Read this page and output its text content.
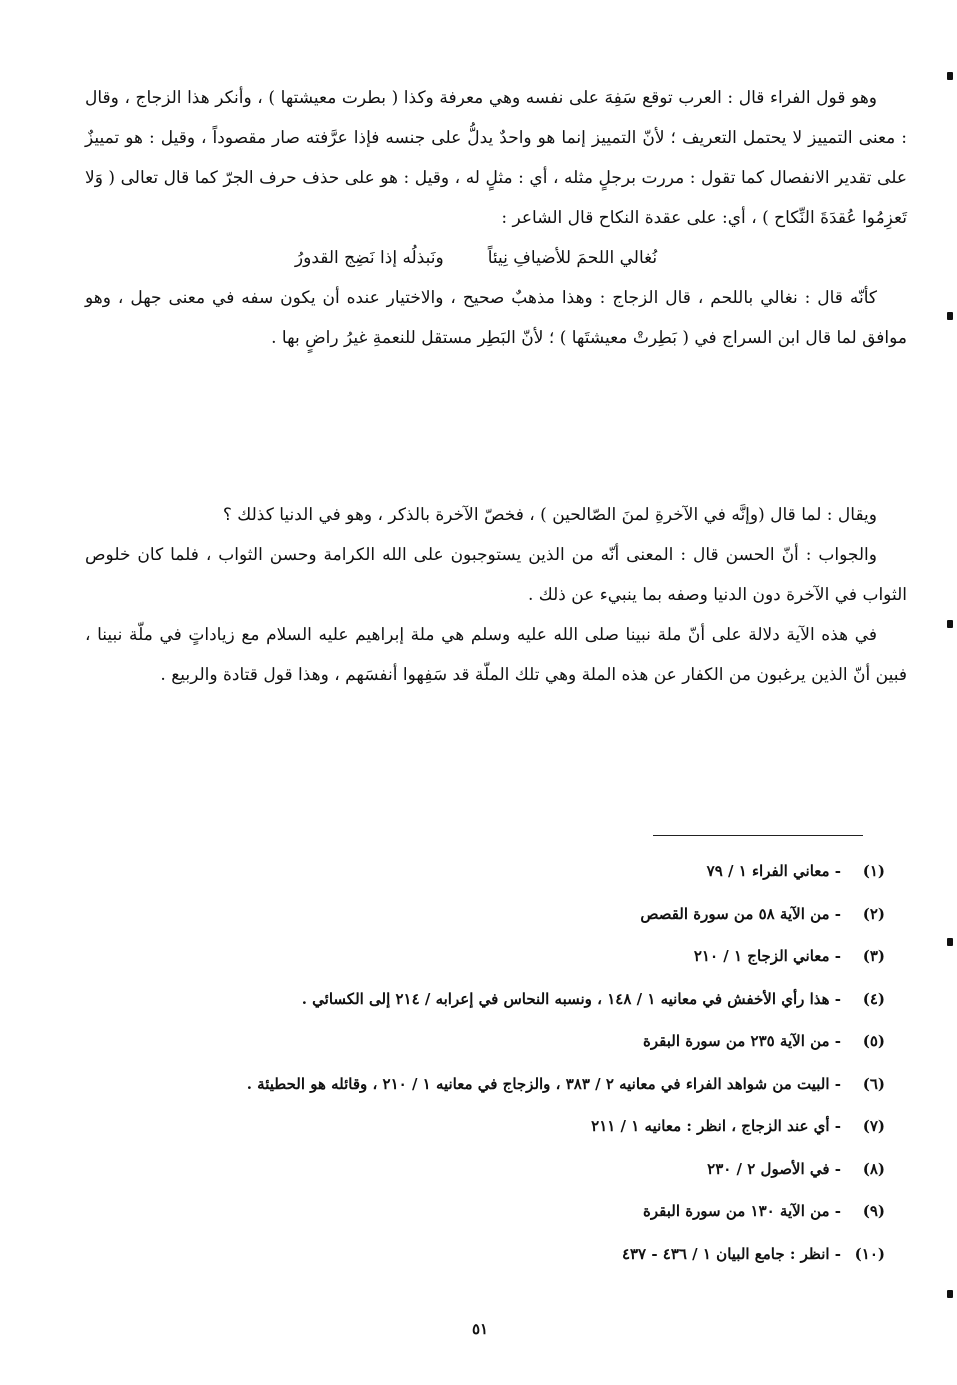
وهو قول الفراء قال : العرب توقع سَفِهَ على نفسه وهي معرفة وكذا ( بطرت معيشتها ) ، وأنكر هذا الزجاج ، وقال : معنى التمييز لا يحتمل التعريف ؛ لأنّ التمييز إنما هو واحدٌ يدلُّ على جنسه فإذا عرَّفته صار مقصوداً ، وقيل : هو تمييزٌ على تقدير الانفصال كما تقول : مررت برجلٍ مثله ، أي : مثلٍ له ، وقيل : هو على حذف حرف الجرّ كما قال تعالى ( وَلا تَعزِمُوا عُقدَةَ النِّكاح ) ، أي: على عقدة النكاح قال الشاعر :

نُغالي اللحمَ للأضيافِ نِيئاً
ونَبذلُه إذا نَضِج القدورُ

كأنّه قال : نغالي باللحم ، قال الزجاج : وهذا مذهبٌ صحيح ، والاختيار عنده أن يكون سفه في معنى جهل ، وهو موافق لما قال ابن السراج في ( بَطِرتْ معيشتَها ) ؛ لأنّ البَطِر مستقل للنعمةِ غيرُ راضٍ بها .

ويقال : لما قال (وإنَّه في الآخرةِ لمنَ الصّالحين ) ، فخصّ الآخرة بالذكر ، وهو في الدنيا كذلك ؟

والجواب : أنّ الحسن قال : المعنى أنّه من الذين يستوجبون على الله الكرامة وحسن الثواب ، فلما كان خلوص الثواب في الآخرة دون الدنيا وصفه بما ينبيء عن ذلك .

في هذه الآية دلالة على أنّ ملة نبينا صلى الله عليه وسلم هي ملة إبراهيم عليه السلام مع زياداتٍ في ملّة نبينا ، فبين أنّ الذين يرغبون من الكفار عن هذه الملة وهي تلك الملّة قد سَفِهوا أنفسَهم ، وهذا قول قتادة والربيع .

(١)- معاني الفراء ١ / ٧٩
(٢)- من الآية ٥٨ من سورة القصص
(٣)- معاني الزجاج ١ / ٢١٠
(٤)- هذا رأي الأخفش في معانيه ١ / ١٤٨ ، ونسبه النحاس في إعرابه / ٢١٤ إلى الكسائي .
(٥)- من الآية ٢٣٥ من سورة البقرة
(٦)- البيت من شواهد الفراء في معانيه ٢ / ٣٨٣ ، والزجاج في معانيه ١ / ٢١٠ ، وقائله هو الحطيئة .
(٧)- أي عند الزجاج ، انظر : معانيه ١ / ٢١١
(٨)- في الأصول ٢ / ٢٣٠
(٩)- من الآية ١٣٠ من سورة البقرة
(١٠)- انظر : جامع البيان ١ / ٤٣٦ - ٤٣٧
٥١
